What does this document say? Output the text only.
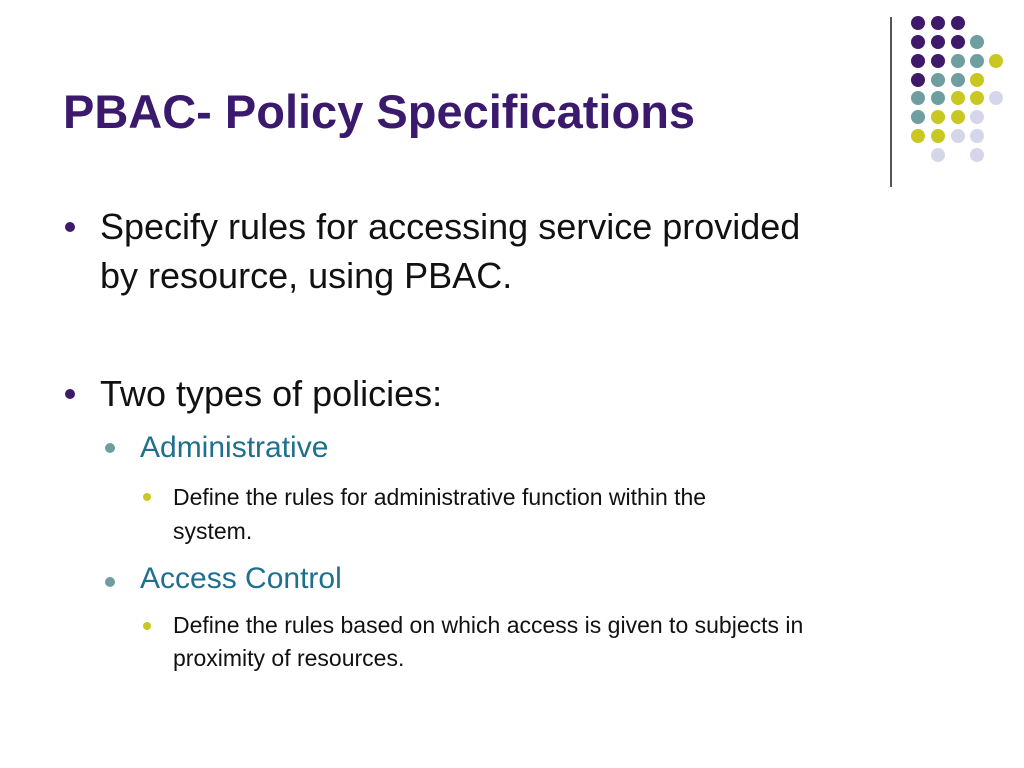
PBAC- Policy Specifications
Specify rules for accessing service provided
by resource, using PBAC.
Two types of policies:
Administrative
Define the rules for administrative function within the
system.
Access Control
Define the rules based on which access is given to subjects in
proximity of resources.
